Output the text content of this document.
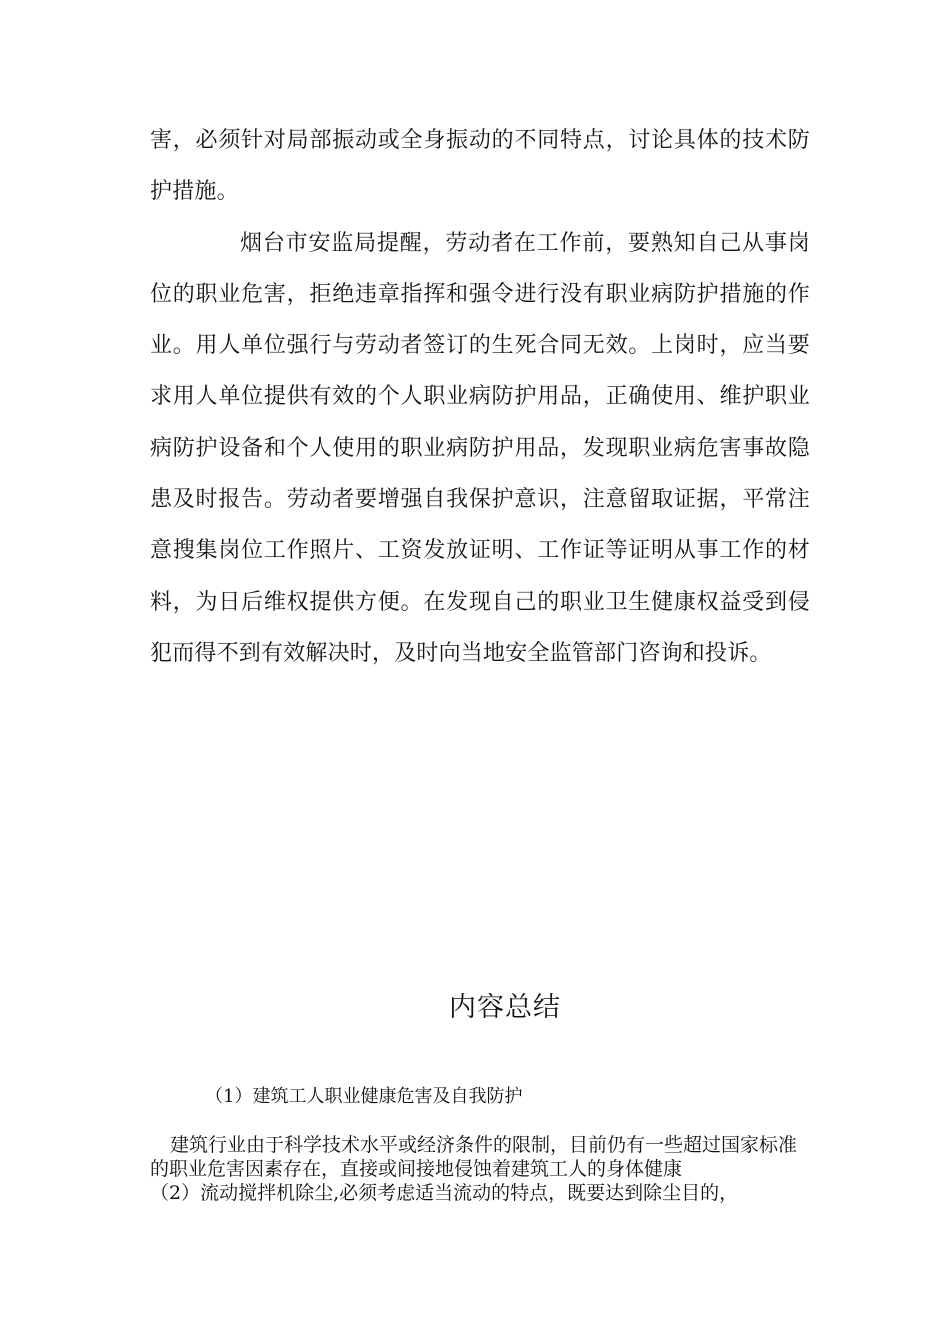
害，必须针对局部振动或全身振动的不同特点，讨论具体的技术防护措施。

烟台市安监局提醒，劳动者在工作前，要熟知自己从事岗位的职业危害，拒绝违章指挥和强令进行没有职业病防护措施的作业。用人单位强行与劳动者签订的生死合同无效。上岗时，应当要求用人单位提供有效的个人职业病防护用品，正确使用、维护职业病防护设备和个人使用的职业病防护用品，发现职业病危害事故隐患及时报告。劳动者要增强自我保护意识，注意留取证据，平常注意搜集岗位工作照片、工资发放证明、工作证等证明从事工作的材料，为日后维权提供方便。在发现自己的职业卫生健康权益受到侵犯而得不到有效解决时，及时向当地安全监管部门咨询和投诉。

内容总结
（1）建筑工人职业健康危害及自我防护

建筑行业由于科学技术水平或经济条件的限制，目前仍有一些超过国家标准的职业危害因素存在，直接或间接地侵蚀着建筑工人的身体健康

（2）流动搅拌机除尘,必须考虑适当流动的特点，既要达到除尘目的，
